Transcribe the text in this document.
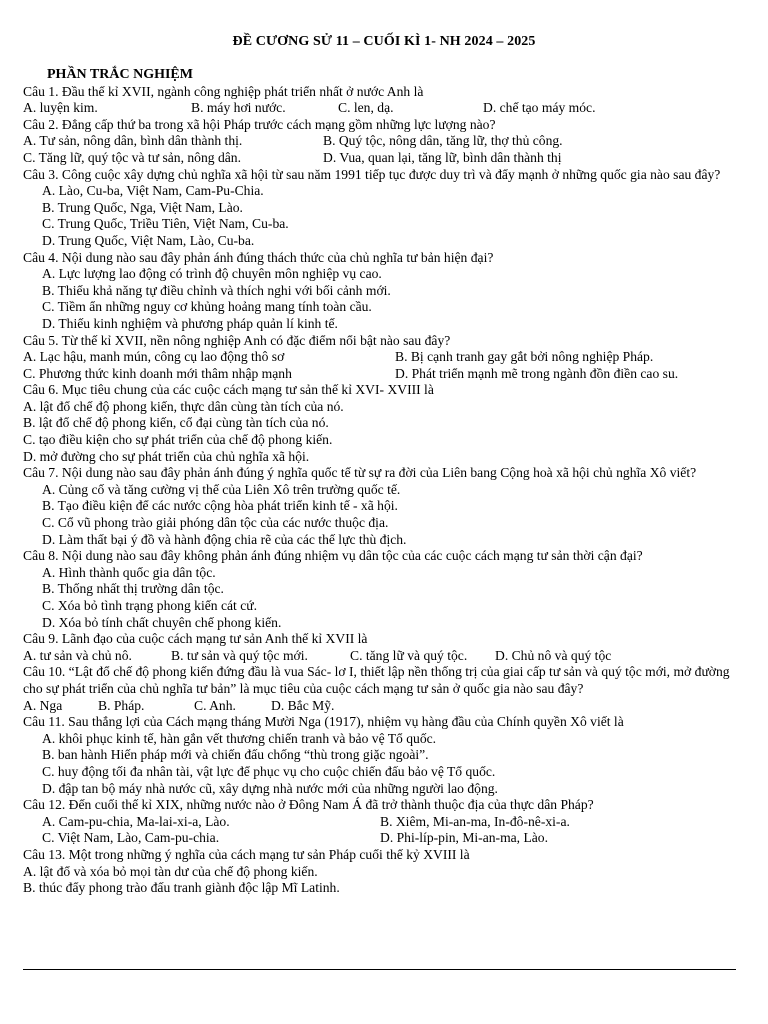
ĐỀ CƯƠNG SỬ 11 – CUỐI KÌ 1- NH 2024 – 2025
PHẦN TRẮC NGHIỆM
Câu 1. Đầu thế kỉ XVII, ngành công nghiệp phát triển nhất ở nước Anh là
A. luyện kim.	B. máy hơi nước.	C. len, dạ.	D. chế tạo máy móc.
Câu 2. Đẳng cấp thứ ba trong xã hội Pháp trước cách mạng gồm những lực lượng nào?
A. Tư sản, nông dân, bình dân thành thị.	B. Quý tộc, nông dân, tăng lữ, thợ thủ công.
C. Tăng lữ, quý tộc và tư sản, nông dân.	D. Vua, quan lại, tăng lữ, bình dân thành thị
Câu 3. Công cuộc xây dựng chủ nghĩa xã hội từ sau năm 1991 tiếp tục được duy trì và đẩy mạnh ở những quốc gia nào sau đây?
A. Lào, Cu-ba, Việt Nam, Cam-Pu-Chia.
B. Trung Quốc, Nga, Việt Nam, Lào.
C. Trung Quốc, Triều Tiên, Việt Nam, Cu-ba.
D. Trung Quốc, Việt Nam, Lào, Cu-ba.
Câu 4. Nội dung nào sau đây phản ánh đúng thách thức của chủ nghĩa tư bản hiện đại?
A. Lực lượng lao động có trình độ chuyên môn nghiệp vụ cao.
B. Thiếu khả năng tự điều chỉnh và thích nghi với bối cảnh mới.
C. Tiềm ẩn những nguy cơ khủng hoảng mang tính toàn cầu.
D. Thiếu kinh nghiệm và phương pháp quản lí kinh tế.
Câu 5. Từ thế kỉ XVII, nền nông nghiệp Anh có đặc điểm nổi bật nào sau đây?
A. Lạc hậu, manh mún, công cụ lao động thô sơ	B. Bị cạnh tranh gay gắt bởi nông nghiệp Pháp.
C. Phương thức kinh doanh mới thâm nhập mạnh	D. Phát triển mạnh mẽ trong ngành đồn điền cao su.
Câu 6. Mục tiêu chung của các cuộc cách mạng tư sản thế kỉ XVI- XVIII là
A. lật đổ chế độ phong kiến, thực dân cùng tàn tích của nó.
B. lật đổ chế độ phong kiến, cổ đại cùng tàn tích của nó.
C. tạo điều kiện cho sự phát triển của chế độ phong kiến.
D. mở đường cho sự phát triển của chủ nghĩa xã hội.
Câu 7. Nội dung nào sau đây phản ánh đúng ý nghĩa quốc tế từ sự ra đời của Liên bang Cộng hoà xã hội chủ nghĩa Xô viết?
A. Củng cố và tăng cường vị thế của Liên Xô trên trường quốc tế.
B. Tạo điều kiện để các nước cộng hòa phát triển kinh tế - xã hội.
C. Cổ vũ phong trào giải phóng dân tộc của các nước thuộc địa.
D. Làm thất bại ý đồ và hành động chia rẽ của các thế lực thù địch.
Câu 8. Nội dung nào sau đây không phản ánh đúng nhiệm vụ dân tộc của các cuộc cách mạng tư sản thời cận đại?
A. Hình thành quốc gia dân tộc.
B. Thống nhất thị trường dân tộc.
C. Xóa bỏ tình trạng phong kiến cát cứ.
D. Xóa bỏ tính chất chuyên chế phong kiến.
Câu 9. Lãnh đạo của cuộc cách mạng tư sản Anh thế kỉ XVII là
A. tư sản và chủ nô.	B. tư sản và quý tộc mới.	C. tăng lữ và quý tộc. D. Chủ nô và quý tộc
Câu 10. “Lật đổ chế độ phong kiến đứng đầu là vua Sác- lơ I, thiết lập nền thống trị của giai cấp tư sản và quý tộc mới, mở đường cho sự phát triển của chủ nghĩa tư bản” là mục tiêu của cuộc cách mạng tư sản ở quốc gia nào sau đây?
A. Nga	B. Pháp.	C. Anh.	D. Bắc Mỹ.
Câu 11. Sau thắng lợi của Cách mạng tháng Mười Nga (1917), nhiệm vụ hàng đầu của Chính quyền Xô viết là
A. khôi phục kinh tế, hàn gắn vết thương chiến tranh và bảo vệ Tổ quốc.
B. ban hành Hiến pháp mới và chiến đấu chống “thù trong giặc ngoài”.
C. huy động tối đa nhân tài, vật lực để phục vụ cho cuộc chiến đấu bảo vệ Tổ quốc.
D. đập tan bộ máy nhà nước cũ, xây dựng nhà nước mới của những người lao động.
Câu 12. Đến cuối thế kỉ XIX, những nước nào ở Đông Nam Á đã trở thành thuộc địa của thực dân Pháp?
A. Cam-pu-chia, Ma-lai-xi-a, Lào.	B. Xiêm, Mi-an-ma, In-đô-nê-xi-a.
C. Việt Nam, Lào, Cam-pu-chia.	D. Phi-líp-pin, Mi-an-ma, Lào.
Câu 13. Một trong những ý nghĩa của cách mạng tư sản Pháp cuối thế kỷ XVIII là
A. lật đổ và xóa bỏ mọi tàn dư của chế độ phong kiến.
B. thúc đẩy phong trào đấu tranh giành độc lập Mĩ Latinh.
